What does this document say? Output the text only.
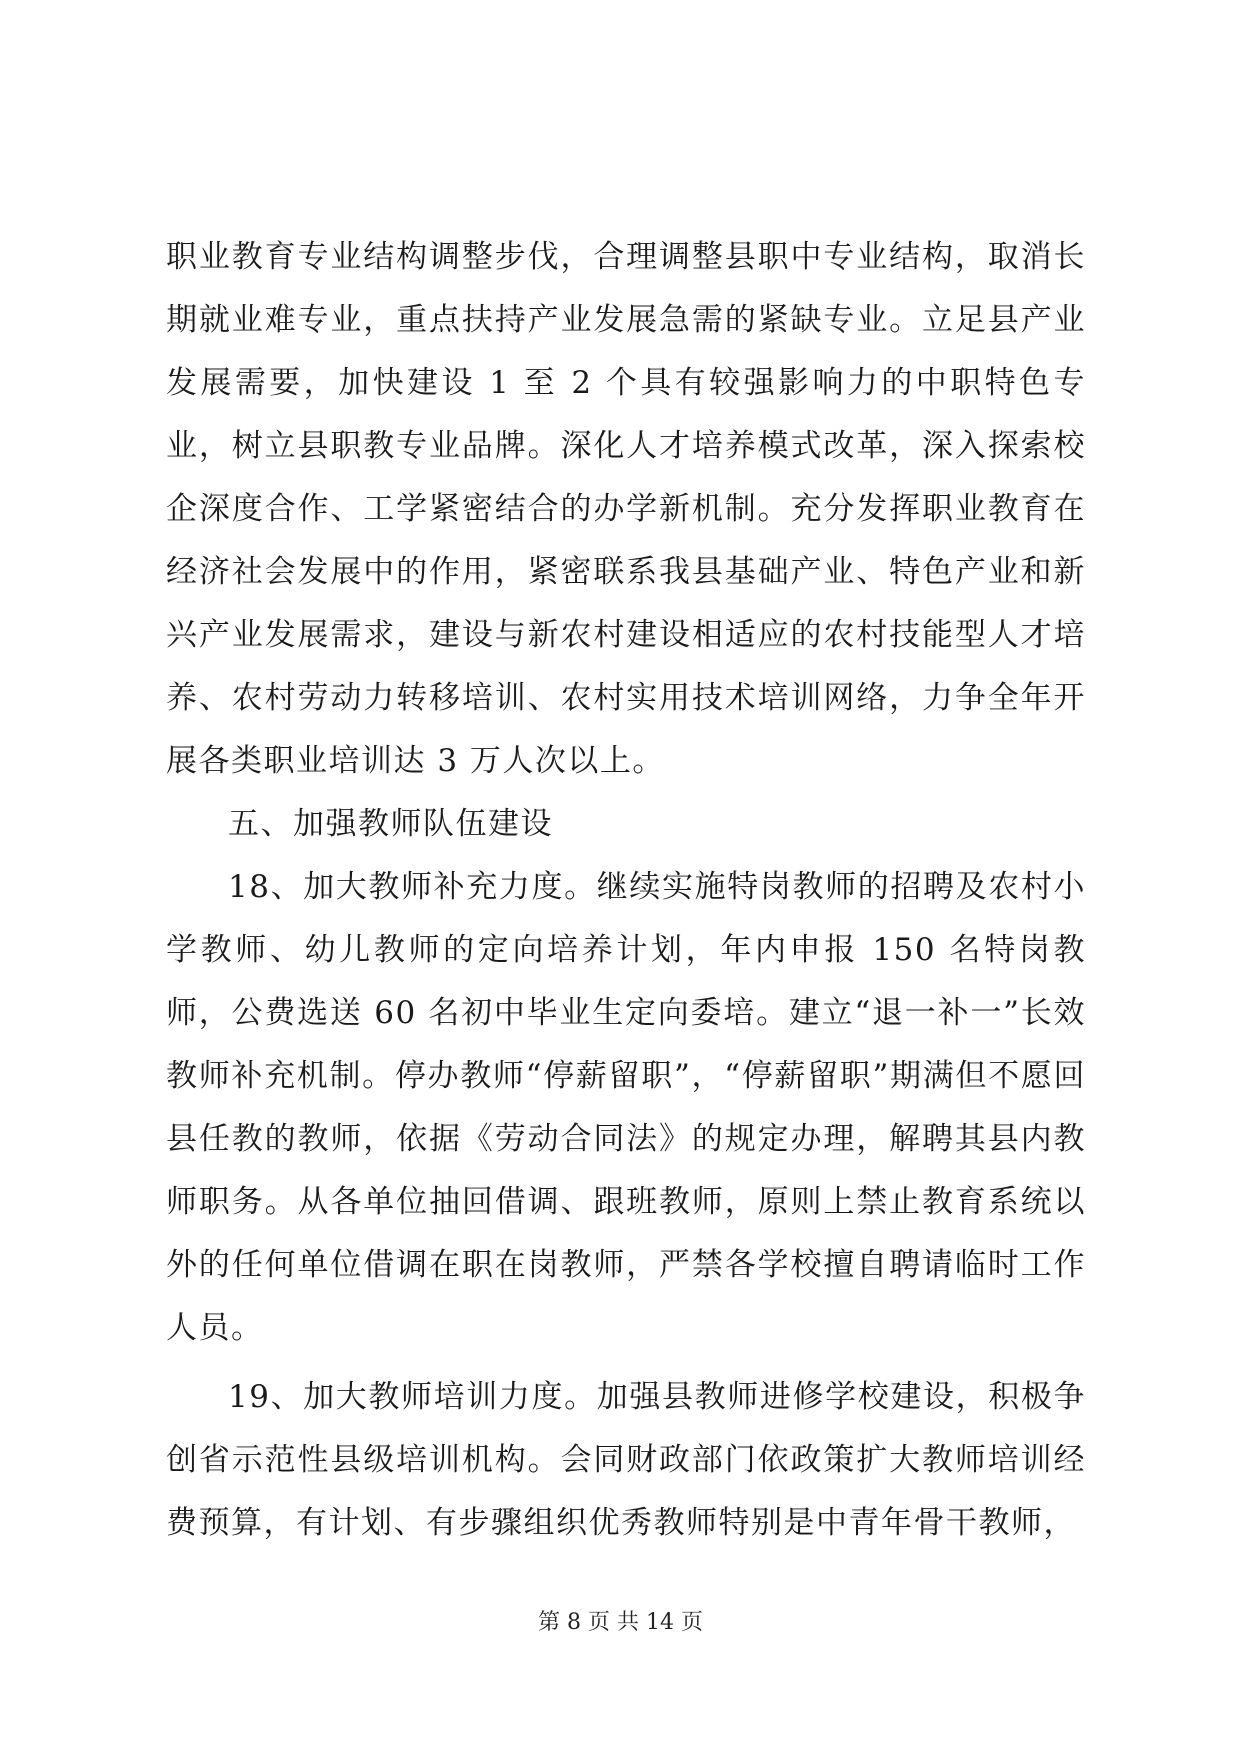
职业教育专业结构调整步伐，合理调整县职中专业结构，取消长期就业难专业，重点扶持产业发展急需的紧缺专业。立足县产业发展需要，加快建设 1 至 2 个具有较强影响力的中职特色专业，树立县职教专业品牌。深化人才培养模式改革，深入探索校企深度合作、工学紧密结合的办学新机制。充分发挥职业教育在经济社会发展中的作用，紧密联系我县基础产业、特色产业和新兴产业发展需求，建设与新农村建设相适应的农村技能型人才培养、农村劳动力转移培训、农村实用技术培训网络，力争全年开展各类职业培训达 3 万人次以上。

五、加强教师队伍建设

18、加大教师补充力度。继续实施特岗教师的招聘及农村小学教师、幼儿教师的定向培养计划，年内申报 150 名特岗教师，公费选送 60 名初中毕业生定向委培。建立“退一补一”长效教师补充机制。停办教师“停薪留职”，“停薪留职”期满但不愿回县任教的教师，依据《劳动合同法》的规定办理，解聘其县内教师职务。从各单位抽回借调、跟班教师，原则上禁止教育系统以外的任何单位借调在职在岗教师，严禁各学校擅自聘请临时工作人员。

19、加大教师培训力度。加强县教师进修学校建设，积极争创省示范性县级培训机构。会同财政部门依政策扩大教师培训经费预算，有计划、有步骤组织优秀教师特别是中青年骨干教师，

第 8 页 共 14 页
